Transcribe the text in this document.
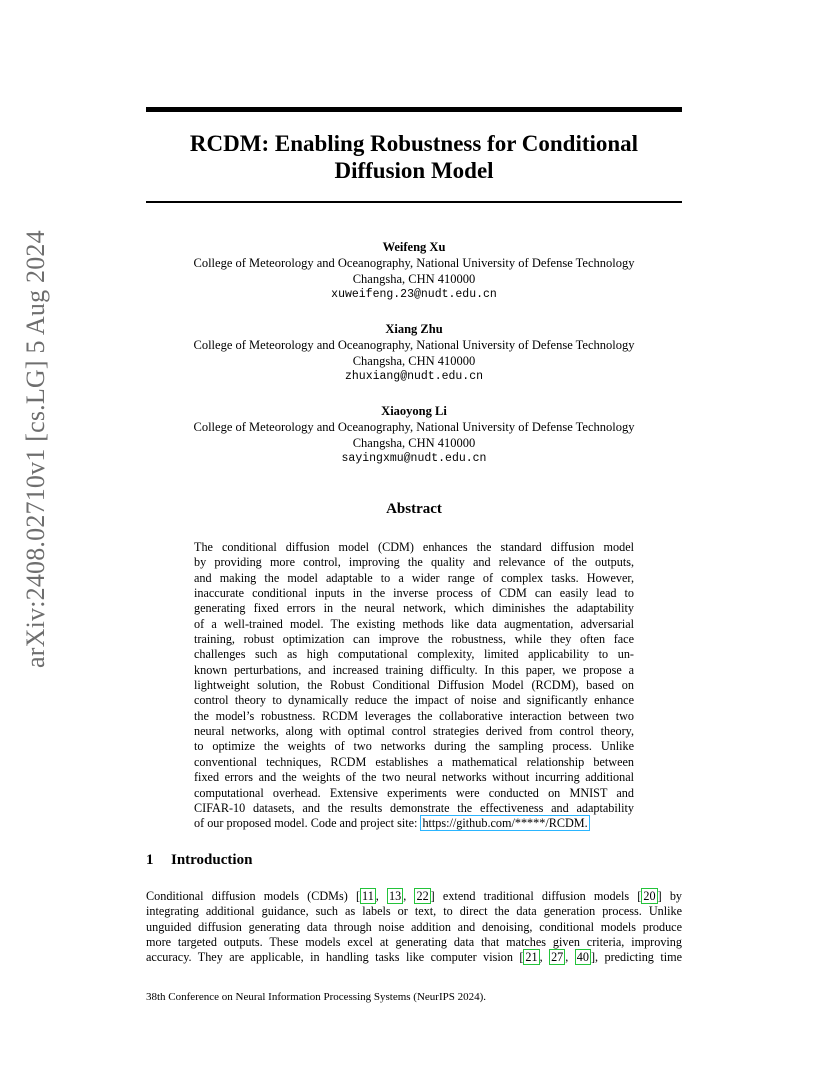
arXiv:2408.02710v1 [cs.LG] 5 Aug 2024
RCDM: Enabling Robustness for Conditional
Diffusion Model
Weifeng Xu
College of Meteorology and Oceanography, National University of Defense Technology
Changsha, CHN 410000
xuweifeng.23@nudt.edu.cn
Xiang Zhu
College of Meteorology and Oceanography, National University of Defense Technology
Changsha, CHN 410000
zhuxiang@nudt.edu.cn
Xiaoyong Li
College of Meteorology and Oceanography, National University of Defense Technology
Changsha, CHN 410000
sayingxmu@nudt.edu.cn
Abstract
The conditional diffusion model (CDM) enhances the standard diffusion model
by providing more control, improving the quality and relevance of the outputs,
and making the model adaptable to a wider range of complex tasks. However,
inaccurate conditional inputs in the inverse process of CDM can easily lead to
generating fixed errors in the neural network, which diminishes the adaptability
of a well-trained model. The existing methods like data augmentation, adversarial
training, robust optimization can improve the robustness, while they often face
challenges such as high computational complexity, limited applicability to un-
known perturbations, and increased training difficulty. In this paper, we propose a
lightweight solution, the Robust Conditional Diffusion Model (RCDM), based on
control theory to dynamically reduce the impact of noise and significantly enhance
the model’s robustness. RCDM leverages the collaborative interaction between two
neural networks, along with optimal control strategies derived from control theory,
to optimize the weights of two networks during the sampling process. Unlike
conventional techniques, RCDM establishes a mathematical relationship between
fixed errors and the weights of the two neural networks without incurring additional
computational overhead. Extensive experiments were conducted on MNIST and
CIFAR-10 datasets, and the results demonstrate the effectiveness and adaptability
of our proposed model. Code and project site: https://github.com/*****/RCDM.
1 Introduction
Conditional diffusion models (CDMs) [ 11 , 13 , 22 ] extend traditional diffusion models [ 20 ] by
integrating additional guidance, such as labels or text, to direct the data generation process. Unlike
unguided diffusion generating data through noise addition and denoising, conditional models produce
more targeted outputs. These models excel at generating data that matches given criteria, improving
accuracy. They are applicable, in handling tasks like computer vision [ 21 , 27 , 40 ], predicting time
38th Conference on Neural Information Processing Systems (NeurIPS 2024).
